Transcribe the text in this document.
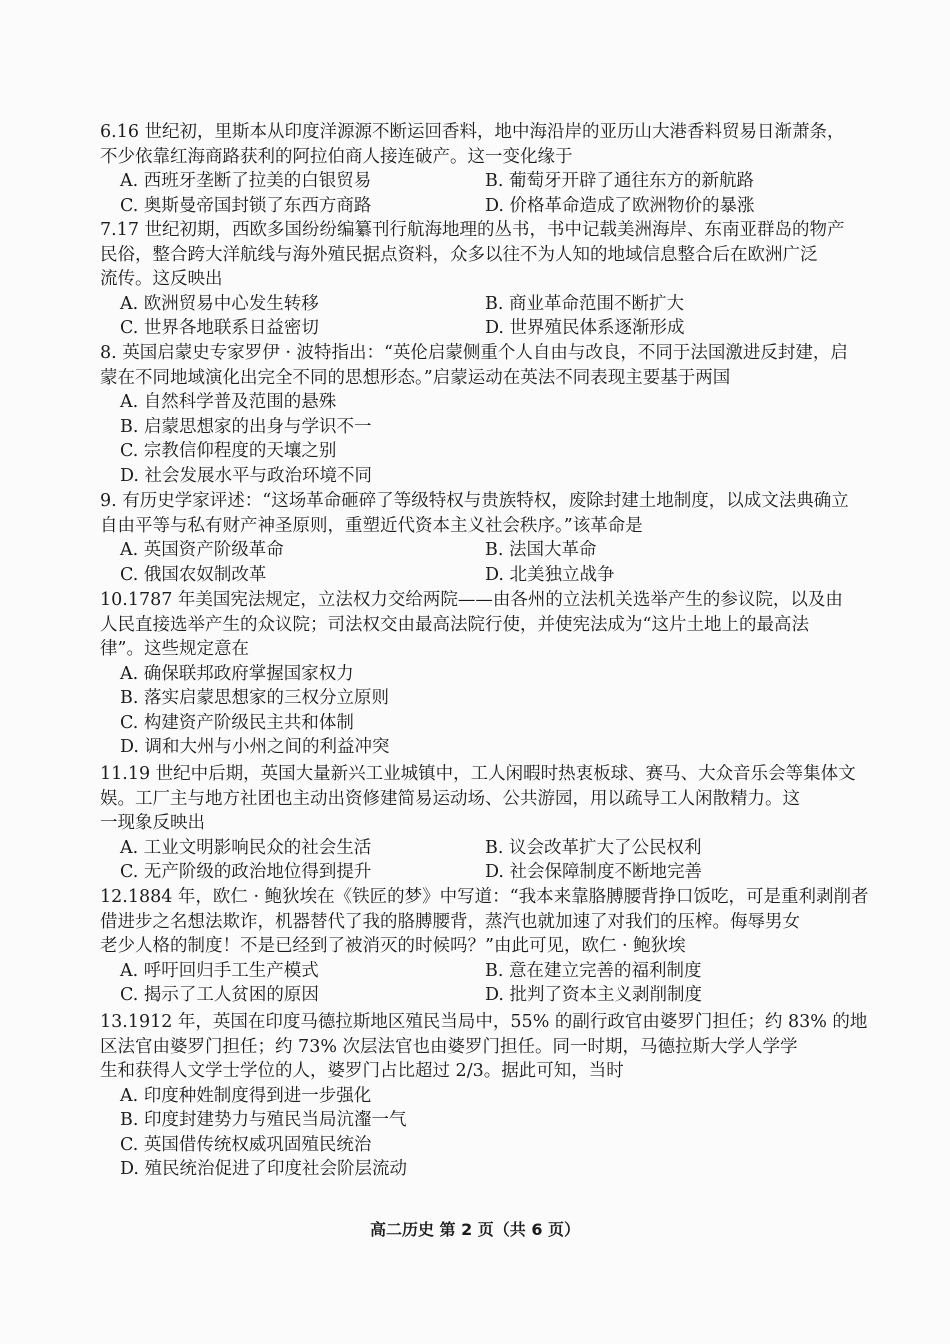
6.16 世纪初，里斯本从印度洋源源不断运回香料，地中海沿岸的亚历山大港香料贸易日渐萧条，
不少依靠红海商路获利的阿拉伯商人接连破产。这一变化缘于
A. 西班牙垄断了拉美的白银贸易	B. 葡萄牙开辟了通往东方的新航路
C. 奥斯曼帝国封锁了东西方商路	D. 价格革命造成了欧洲物价的暴涨
7.17 世纪初期，西欧多国纷纷编纂刊行航海地理的丛书，书中记载美洲海岸、东南亚群岛的物产
民俗，整合跨大洋航线与海外殖民据点资料，众多以往不为人知的地域信息整合后在欧洲广泛
流传。这反映出
A. 欧洲贸易中心发生转移	B. 商业革命范围不断扩大
C. 世界各地联系日益密切	D. 世界殖民体系逐渐形成
8. 英国启蒙史专家罗伊 · 波特指出：“英伦启蒙侧重个人自由与改良，不同于法国激进反封建，启
蒙在不同地域演化出完全不同的思想形态。”启蒙运动在英法不同表现主要基于两国
A. 自然科学普及范围的悬殊
B. 启蒙思想家的出身与学识不一
C. 宗教信仰程度的天壤之别
D. 社会发展水平与政治环境不同
9. 有历史学家评述：“这场革命砸碎了等级特权与贵族特权，废除封建土地制度，以成文法典确立
自由平等与私有财产神圣原则，重塑近代资本主义社会秩序。”该革命是
A. 英国资产阶级革命	B. 法国大革命
C. 俄国农奴制改革	D. 北美独立战争
10.1787 年美国宪法规定，立法权力交给两院——由各州的立法机关选举产生的参议院，以及由
人民直接选举产生的众议院；司法权交由最高法院行使，并使宪法成为“这片土地上的最高法
律”。这些规定意在
A. 确保联邦政府掌握国家权力
B. 落实启蒙思想家的三权分立原则
C. 构建资产阶级民主共和体制
D. 调和大州与小州之间的利益冲突
11.19 世纪中后期，英国大量新兴工业城镇中，工人闲暇时热衷板球、赛马、大众音乐会等集体文
娱。工厂主与地方社团也主动出资修建简易运动场、公共游园，用以疏导工人闲散精力。这
一现象反映出
A. 工业文明影响民众的社会生活	B. 议会改革扩大了公民权利
C. 无产阶级的政治地位得到提升	D. 社会保障制度不断地完善
12.1884 年，欧仁 · 鲍狄埃在《铁匠的梦》中写道：“我本来靠胳膊腰背挣口饭吃，可是重利剥削者
借进步之名想法欺诈，机器替代了我的胳膊腰背，蒸汽也就加速了对我们的压榨。侮辱男女
老少人格的制度！不是已经到了被消灭的时候吗？”由此可见，欧仁 · 鲍狄埃
A. 呼吁回归手工生产模式	B. 意在建立完善的福利制度
C. 揭示了工人贫困的原因	D. 批判了资本主义剥削制度
13.1912 年，英国在印度马德拉斯地区殖民当局中，55% 的副行政官由婆罗门担任；约 83% 的地
区法官由婆罗门担任；约 73% 次层法官也由婆罗门担任。同一时期，马德拉斯大学人学学
生和获得人文学士学位的人，婆罗门占比超过 2/3。据此可知，当时
A. 印度种姓制度得到进一步强化
B. 印度封建势力与殖民当局沆瀣一气
C. 英国借传统权威巩固殖民统治
D. 殖民统治促进了印度社会阶层流动
高二历史 第 2 页（共 6 页）
